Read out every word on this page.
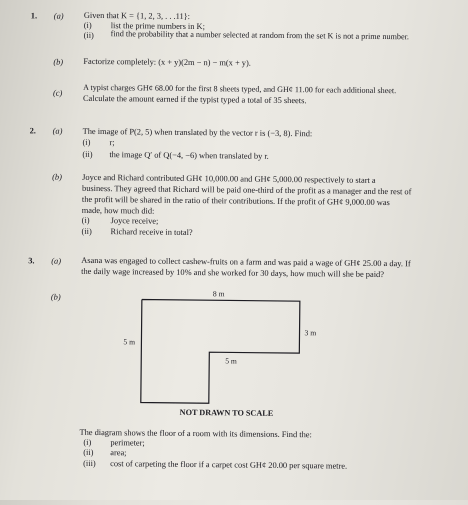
1. (a) Given that K = {1, 2, 3, . . .11}:
(i) list the prime numbers in K;
(ii) find the probability that a number selected at random from the set K is not a prime number.
(b) Factorize completely: (x + y)(2m − n) − m(x + y).
(c)	A typist charges GH¢ 68.00 for the first 8 sheets typed, and GH¢ 11.00 for each additional sheet.
Calculate the amount earned if the typist typed a total of 35 sheets.
2. (a) The image of P(2, 5) when translated by the vector r is (−3, 8). Find:
(i) r;
(ii) the image Q′ of Q(−4, −6) when translated by r.
(b) Joyce and Richard contributed GH¢ 10,000.00 and GH¢ 5,000.00 respectively to start a
business. They agreed that Richard will be paid one-third of the profit as a manager and the rest of
the profit will be shared in the ratio of their contributions. If the profit of GH¢ 9,000.00 was
made, how much did:
(i) Joyce receive;
(ii) Richard receive in total?
3. (a) Asana was engaged to collect cashew-fruits on a farm and was paid a wage of GH¢ 25.00 a day. If
the daily wage increased by 10% and she worked for 30 days, how much will she be paid?
(b)	8 m
5 m
3 m
5 m
NOT DRAWN TO SCALE
The diagram shows the floor of a room with its dimensions. Find the:
(i) perimeter;
(ii) area;
(iii) cost of carpeting the floor if a carpet cost GH¢ 20.00 per square metre.
